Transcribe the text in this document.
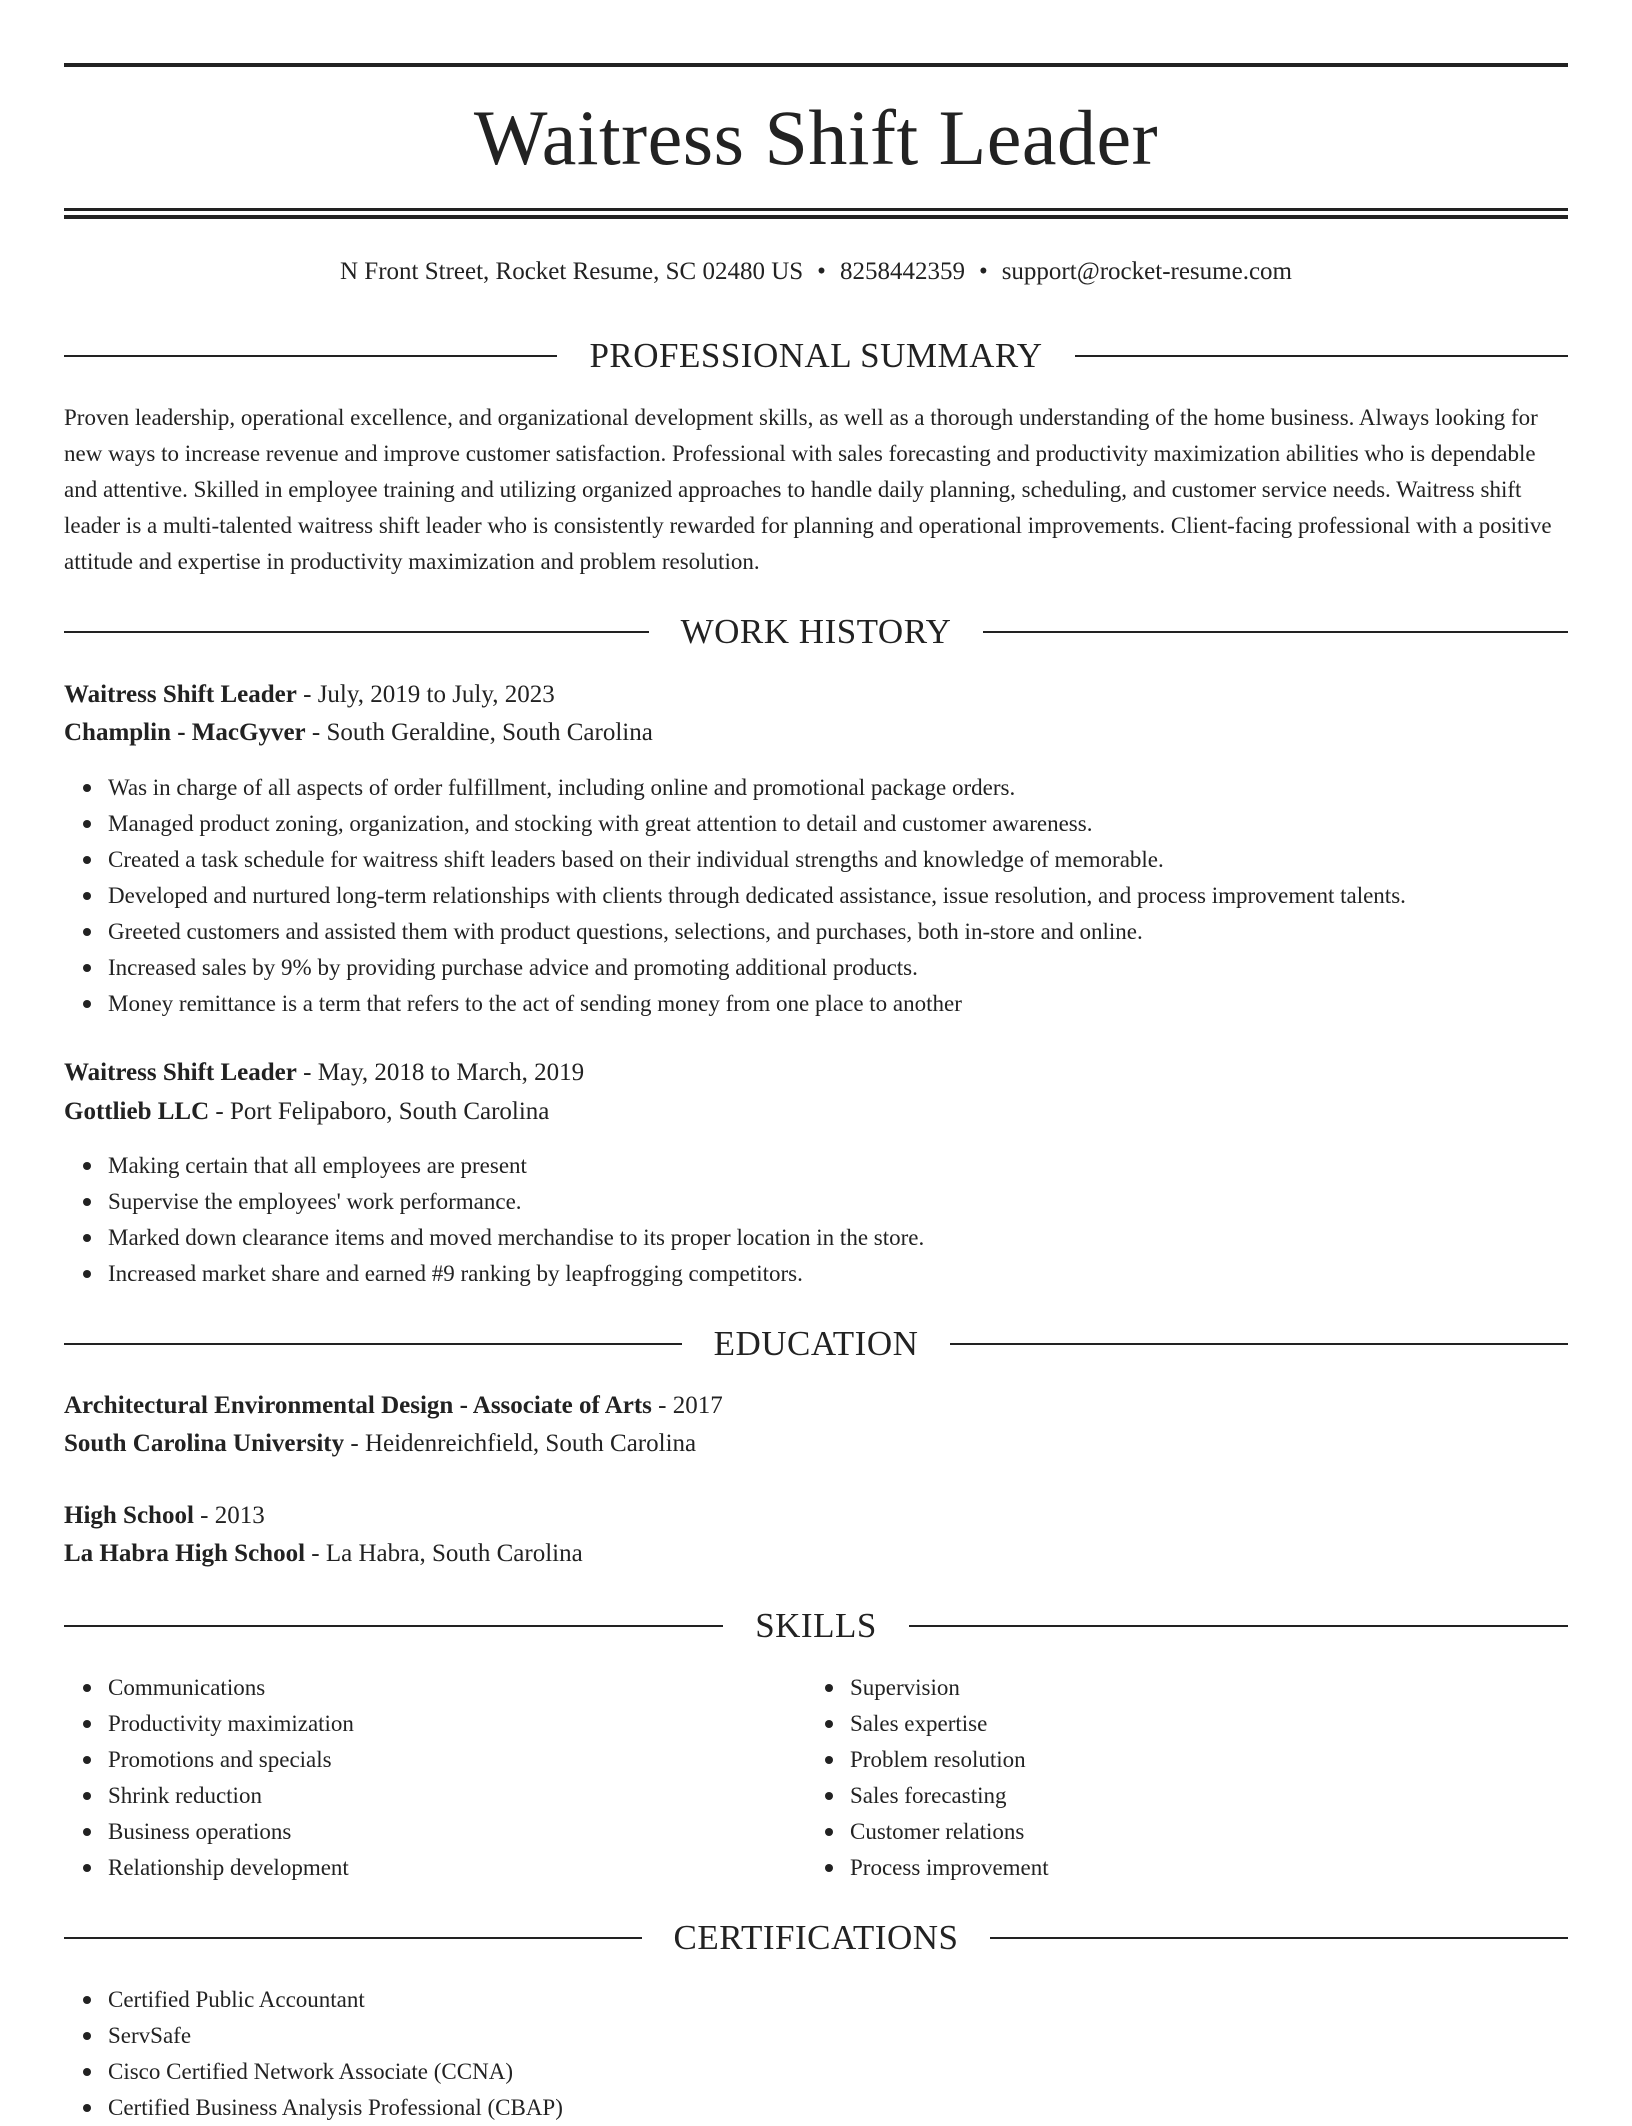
Waitress Shift Leader
N Front Street, Rocket Resume, SC 02480 US • 8258442359 • support@rocket-resume.com
PROFESSIONAL SUMMARY

Proven leadership, operational excellence, and organizational development skills, as well as a thorough understanding of the home business. Always looking for new ways to increase revenue and improve customer satisfaction. Professional with sales forecasting and productivity maximization abilities who is dependable and attentive. Skilled in employee training and utilizing organized approaches to handle daily planning, scheduling, and customer service needs. Waitress shift leader is a multi-talented waitress shift leader who is consistently rewarded for planning and operational improvements. Client-facing professional with a positive attitude and expertise in productivity maximization and problem resolution.

WORK HISTORY
Waitress Shift Leader - July, 2019 to July, 2023
Champlin - MacGyver - South Geraldine, South Carolina
Was in charge of all aspects of order fulfillment, including online and promotional package orders.
Managed product zoning, organization, and stocking with great attention to detail and customer awareness.
Created a task schedule for waitress shift leaders based on their individual strengths and knowledge of memorable.
Developed and nurtured long-term relationships with clients through dedicated assistance, issue resolution, and process improvement talents.
Greeted customers and assisted them with product questions, selections, and purchases, both in-store and online.
Increased sales by 9% by providing purchase advice and promoting additional products.
Money remittance is a term that refers to the act of sending money from one place to another
Waitress Shift Leader - May, 2018 to March, 2019
Gottlieb LLC - Port Felipaboro, South Carolina
Making certain that all employees are present
Supervise the employees' work performance.
Marked down clearance items and moved merchandise to its proper location in the store.
Increased market share and earned #9 ranking by leapfrogging competitors.
EDUCATION
Architectural Environmental Design - Associate of Arts - 2017
South Carolina University - Heidenreichfield, South Carolina
High School - 2013
La Habra High School - La Habra, South Carolina
SKILLS
Communications
Productivity maximization
Promotions and specials
Shrink reduction
Business operations
Relationship development
Supervision
Sales expertise
Problem resolution
Sales forecasting
Customer relations
Process improvement
CERTIFICATIONS
Certified Public Accountant
ServSafe
Cisco Certified Network Associate (CCNA)
Certified Business Analysis Professional (CBAP)
